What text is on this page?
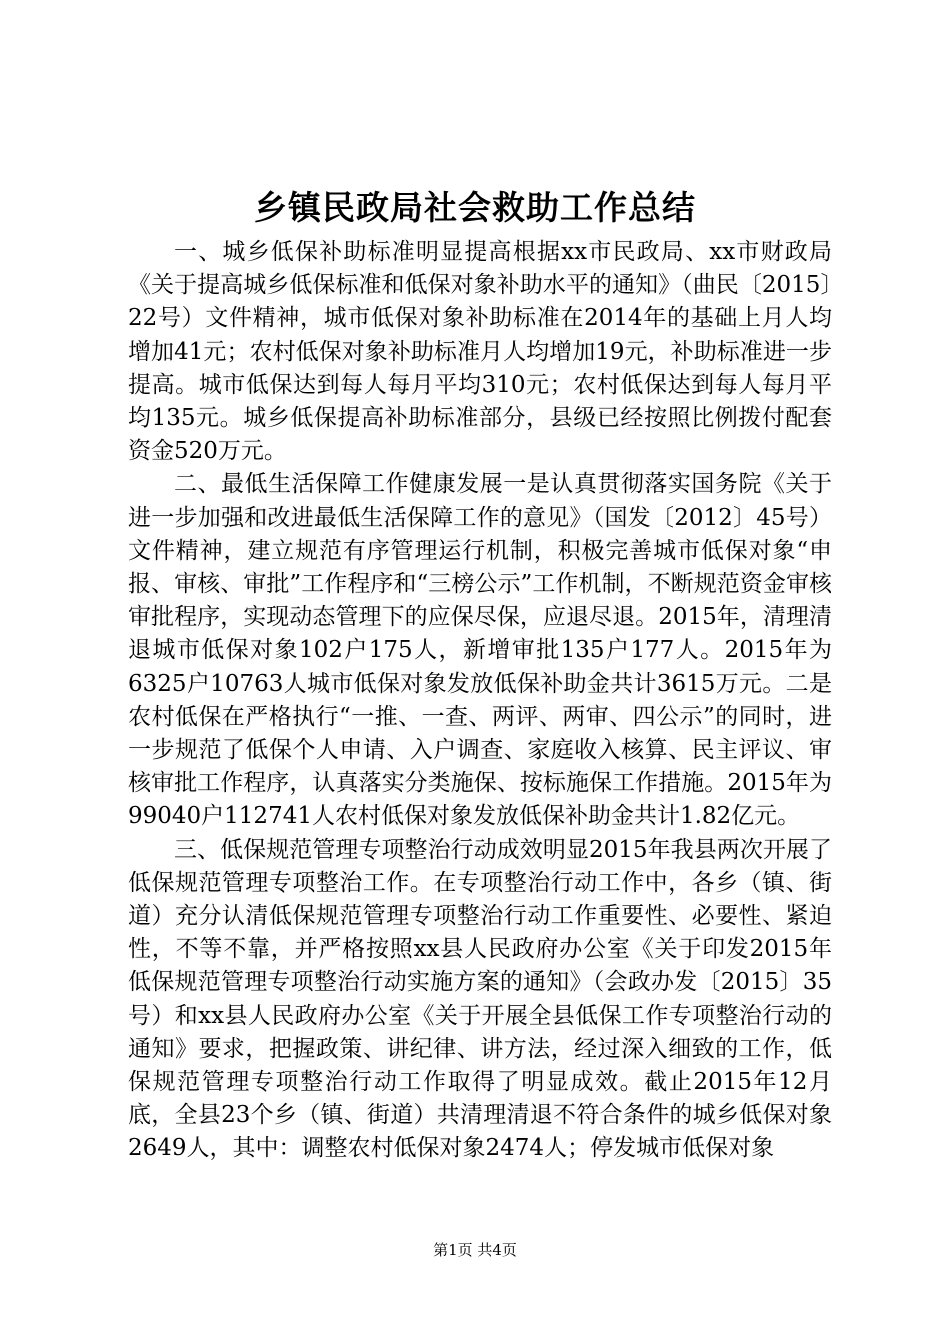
乡镇民政局社会救助工作总结

一、城乡低保补助标准明显提高根据xx市民政局、xx市财政局《关于提高城乡低保标准和低保对象补助水平的通知》（曲民〔2015〕22号）文件精神，城市低保对象补助标准在2014年的基础上月人均增加41元；农村低保对象补助标准月人均增加19元，补助标准进一步提高。城市低保达到每人每月平均310元；农村低保达到每人每月平均135元。城乡低保提高补助标准部分，县级已经按照比例拨付配套资金520万元。

二、最低生活保障工作健康发展一是认真贯彻落实国务院《关于进一步加强和改进最低生活保障工作的意见》（国发〔2012〕45号）文件精神，建立规范有序管理运行机制，积极完善城市低保对象“申报、审核、审批”工作程序和“三榜公示”工作机制，不断规范资金审核审批程序，实现动态管理下的应保尽保，应退尽退。2015年，清理清退城市低保对象102户175人，新增审批135户177人。2015年为6325户10763人城市低保对象发放低保补助金共计3615万元。二是农村低保在严格执行“一推、一查、两评、两审、四公示”的同时，进一步规范了低保个人申请、入户调查、家庭收入核算、民主评议、审核审批工作程序，认真落实分类施保、按标施保工作措施。2015年为99040户112741人农村低保对象发放低保补助金共计1.82亿元。

三、低保规范管理专项整治行动成效明显2015年我县两次开展了低保规范管理专项整治工作。在专项整治行动工作中，各乡（镇、街道）充分认清低保规范管理专项整治行动工作重要性、必要性、紧迫性，不等不靠，并严格按照xx县人民政府办公室《关于印发2015年低保规范管理专项整治行动实施方案的通知》（会政办发〔2015〕35号）和xx县人民政府办公室《关于开展全县低保工作专项整治行动的通知》要求，把握政策、讲纪律、讲方法，经过深入细致的工作，低保规范管理专项整治行动工作取得了明显成效。截止2015年12月底，全县23个乡（镇、街道）共清理清退不符合条件的城乡低保对象2649人，其中：调整农村低保对象2474人；停发城市低保对象

第1页 共4页
